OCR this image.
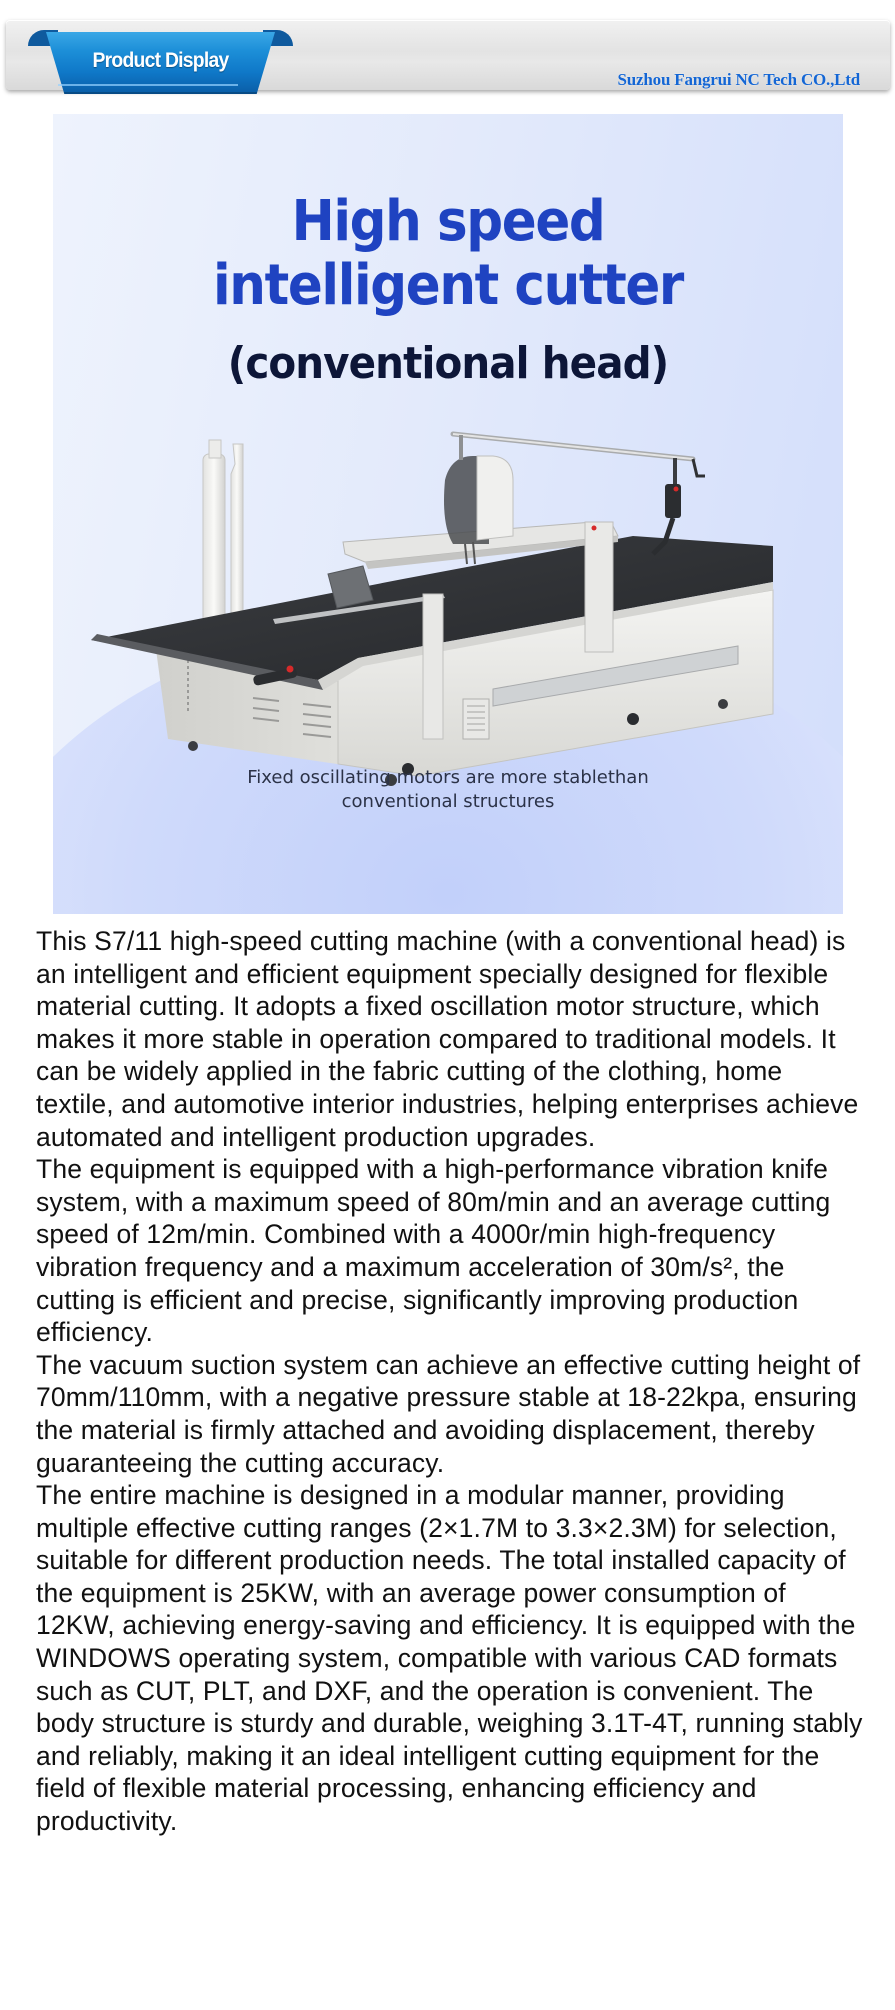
Product Display
Suzhou Fangrui NC Tech CO.,Ltd
High speed
intelligent cutter
(conventional head)
Fixed oscillating motors are more stablethan
conventional structures

This S7/11 high-speed cutting machine (with a conventional head) is an intelligent and efficient equipment specially designed for flexible material cutting. It adopts a fixed oscillation motor structure, which makes it more stable in operation compared to traditional models. It can be widely applied in the fabric cutting of the clothing, home textile, and automotive interior industries, helping enterprises achieve automated and intelligent production upgrades.

The equipment is equipped with a high-performance vibration knife system, with a maximum speed of 80m/min and an average cutting speed of 12m/min. Combined with a 4000r/min high-frequency vibration frequency and a maximum acceleration of 30m/s², the cutting is efficient and precise, significantly improving production efficiency.

The vacuum suction system can achieve an effective cutting height of 70mm/110mm, with a negative pressure stable at 18-22kpa, ensuring the material is firmly attached and avoiding displacement, thereby guaranteeing the cutting accuracy.

The entire machine is designed in a modular manner, providing multiple effective cutting ranges (2×1.7M to 3.3×2.3M) for selection, suitable for different production needs. The total installed capacity of the equipment is 25KW, with an average power consumption of 12KW, achieving energy-saving and efficiency. It is equipped with the WINDOWS operating system, compatible with various CAD formats such as CUT, PLT, and DXF, and the operation is convenient. The body structure is sturdy and durable, weighing 3.1T-4T, running stably and reliably, making it an ideal intelligent cutting equipment for the field of flexible material processing, enhancing efficiency and productivity.
